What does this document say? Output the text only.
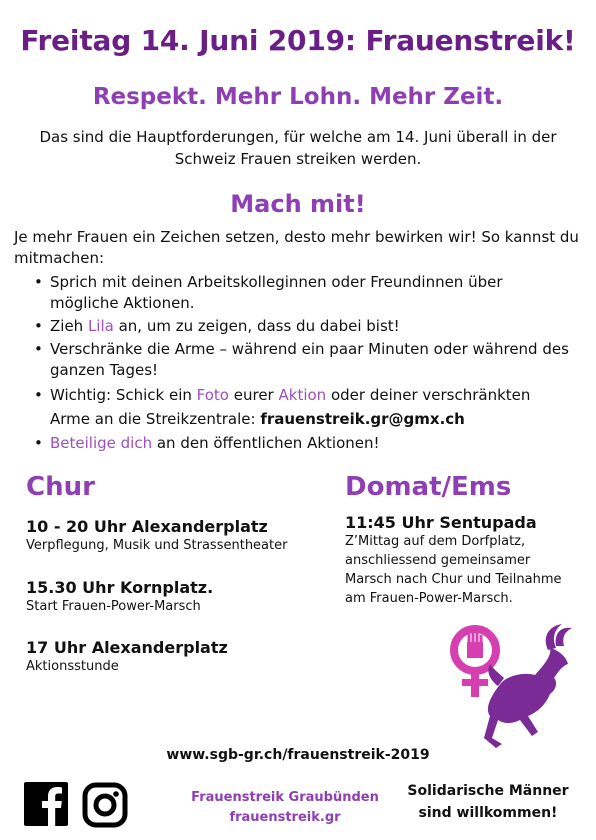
Freitag 14. Juni 2019: Frauenstreik!
Respekt. Mehr Lohn. Mehr Zeit.
Das sind die Hauptforderungen, für welche am 14. Juni überall in der Schweiz Frauen streiken werden.
Mach mit!
Je mehr Frauen ein Zeichen setzen, desto mehr bewirken wir! So kannst du mitmachen:
• Sprich mit deinen Arbeitskolleginnen oder Freundinnen über mögliche Aktionen.
• Zieh Lila an, um zu zeigen, dass du dabei bist!
• Verschränke die Arme – während ein paar Minuten oder während des ganzen Tages!
• Wichtig: Schick ein Foto eurer Aktion oder deiner verschränkten Arme an die Streikzentrale: frauenstreik.gr@gmx.ch
• Beteilige dich an den öffentlichen Aktionen!
Chur
10 - 20 Uhr Alexanderplatz
Verpflegung, Musik und Strassentheater
15.30 Uhr Kornplatz.
Start Frauen-Power-Marsch
17 Uhr Alexanderplatz
Aktionsstunde
Domat/Ems
11:45 Uhr Sentupada
Z’Mittag auf dem Dorfplatz, anschliessend gemeinsamer Marsch nach Chur und Teilnahme am Frauen-Power-Marsch.
www.sgb-gr.ch/frauenstreik-2019
Frauenstreik Graubünden
frauenstreik.gr
Solidarische Männer
sind willkommen!
